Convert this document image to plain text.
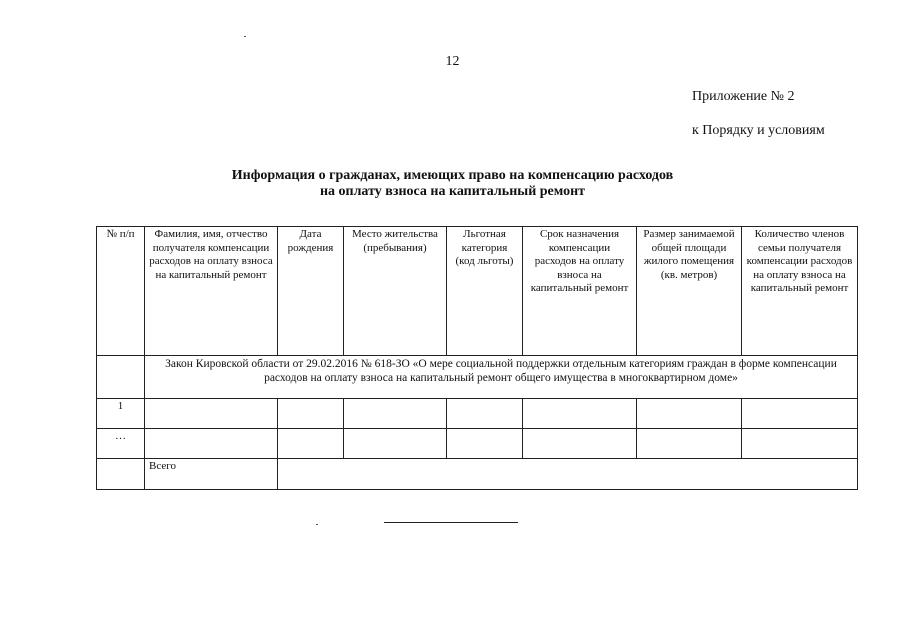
12
Приложение № 2
к Порядку и условиям
Информация о гражданах, имеющих право на компенсацию расходов
на оплату взноса на капитальный ремонт
№ п/п	Фамилия, имя, отчество получателя компенсации расходов на оплату взноса на капитальный ремонт	Дата рождения	Место жительства (пребывания)	Льготная категория (код льготы)	Срок назначения компенсации расходов на оплату взноса на капитальный ремонт	Размер занимаемой общей площади жилого помещения (кв. метров)	Количество членов семьи получателя компенсации расходов на оплату взноса на капитальный ремонт
	Закон Кировской области от 29.02.2016 № 618-ЗО «О мере социальной поддержки отдельным категориям граждан в форме компенсации расходов на оплату взноса на капитальный ремонт общего имущества в многоквартирном доме»						
1							
…							
	Всего						
